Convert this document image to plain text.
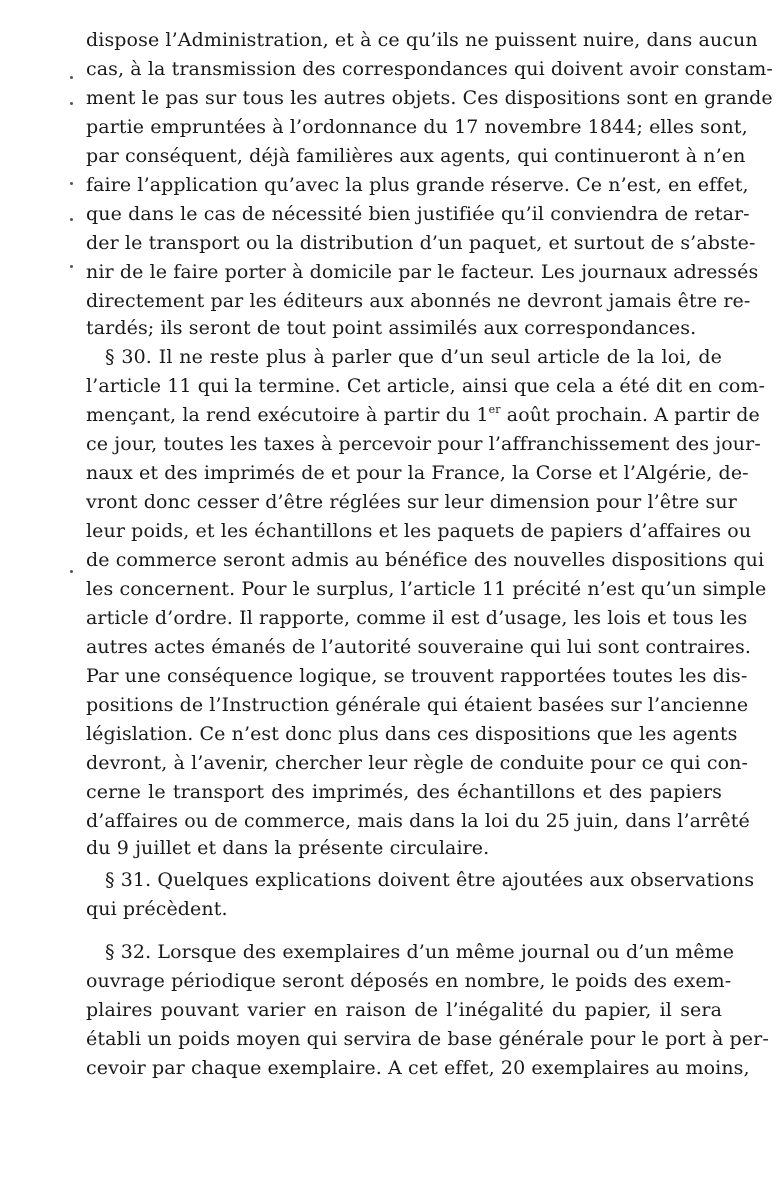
dispose l’Administration, et à ce qu’ils ne puissent nuire, dans aucun
cas, à la transmission des correspondances qui doivent avoir constam-
ment le pas sur tous les autres objets. Ces dispositions sont en grande
partie empruntées à l’ordonnance du 17 novembre 1844; elles sont,
par conséquent, déjà familières aux agents, qui continueront à n’en
faire l’application qu’avec la plus grande réserve. Ce n’est, en effet,
que dans le cas de nécessité bien justifiée qu’il conviendra de retar-
der le transport ou la distribution d’un paquet, et surtout de s’abste-
nir de le faire porter à domicile par le facteur. Les journaux adressés
directement par les éditeurs aux abonnés ne devront jamais être re-
tardés; ils seront de tout point assimilés aux correspondances.
§ 30. Il ne reste plus à parler que d’un seul article de la loi, de
l’article 11 qui la termine. Cet article, ainsi que cela a été dit en com-
mençant, la rend exécutoire à partir du 1er août prochain. A partir de
ce jour, toutes les taxes à percevoir pour l’affranchissement des jour-
naux et des imprimés de et pour la France, la Corse et l’Algérie, de-
vront donc cesser d’être réglées sur leur dimension pour l’être sur
leur poids, et les échantillons et les paquets de papiers d’affaires ou
de commerce seront admis au bénéfice des nouvelles dispositions qui
les concernent. Pour le surplus, l’article 11 précité n’est qu’un simple
article d’ordre. Il rapporte, comme il est d’usage, les lois et tous les
autres actes émanés de l’autorité souveraine qui lui sont contraires.
Par une conséquence logique, se trouvent rapportées toutes les dis-
positions de l’Instruction générale qui étaient basées sur l’ancienne
législation. Ce n’est donc plus dans ces dispositions que les agents
devront, à l’avenir, chercher leur règle de conduite pour ce qui con-
cerne le transport des imprimés, des échantillons et des papiers
d’affaires ou de commerce, mais dans la loi du 25 juin, dans l’arrêté
du 9 juillet et dans la présente circulaire.
§ 31. Quelques explications doivent être ajoutées aux observations
qui précèdent.
§ 32. Lorsque des exemplaires d’un même journal ou d’un même
ouvrage périodique seront déposés en nombre, le poids des exem-
plaires pouvant varier en raison de l’inégalité du papier, il sera
établi un poids moyen qui servira de base générale pour le port à per-
cevoir par chaque exemplaire. A cet effet, 20 exemplaires au moins,
